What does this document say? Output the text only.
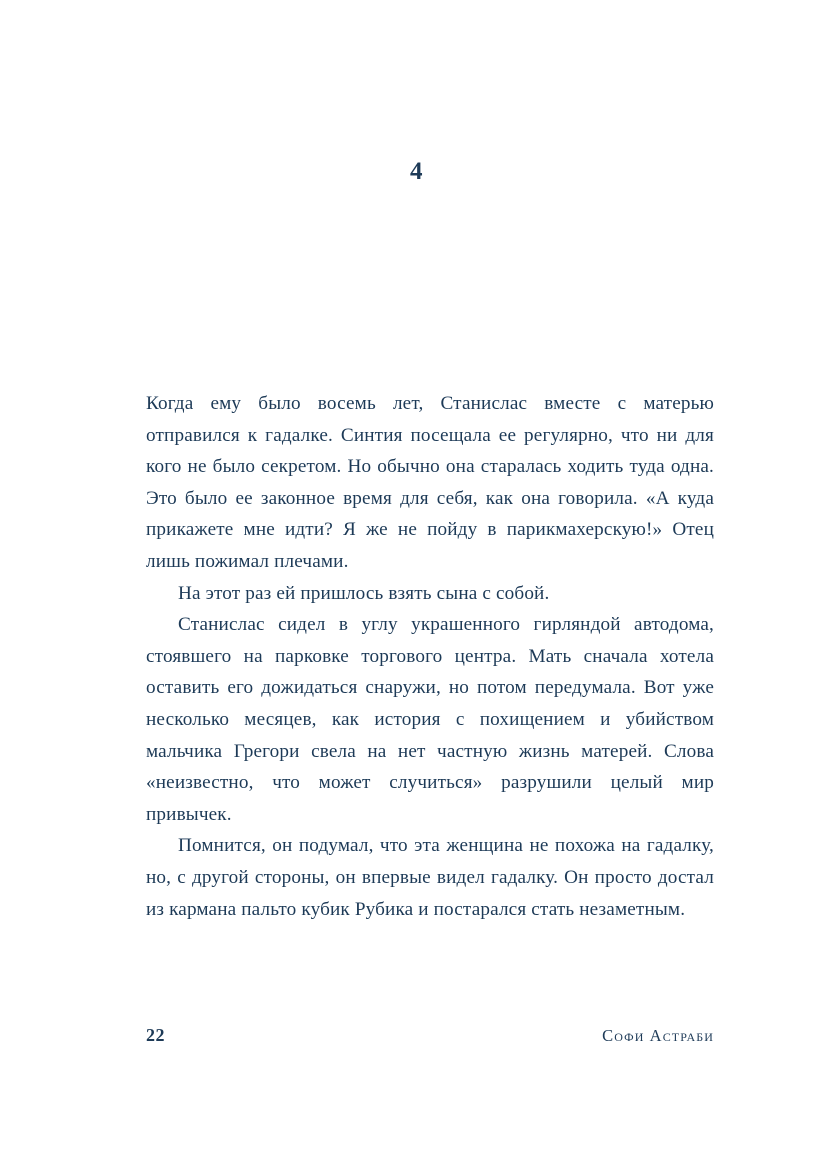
4

Когда ему было восемь лет, Станислас вместе с матерью отправился к гадалке. Синтия посещала ее регулярно, что ни для кого не было секретом. Но обычно она старалась ходить туда одна. Это было ее законное время для себя, как она говорила. «А куда прикажете мне идти? Я же не пойду в парикмахерскую!» Отец лишь пожимал плечами.

На этот раз ей пришлось взять сына с собой.

Станислас сидел в углу украшенного гирляндой автодома, стоявшего на парковке торгового центра. Мать сначала хотела оставить его дожидаться снаружи, но потом передумала. Вот уже несколько месяцев, как история с похищением и убийством мальчика Грегори свела на нет частную жизнь матерей. Слова «неизвестно, что может случиться» разрушили целый мир привычек.

Помнится, он подумал, что эта женщина не похожа на гадалку, но, с другой стороны, он впервые видел гадалку. Он просто достал из кармана пальто кубик Рубика и постарался стать незаметным.

22	Софи Астраби
